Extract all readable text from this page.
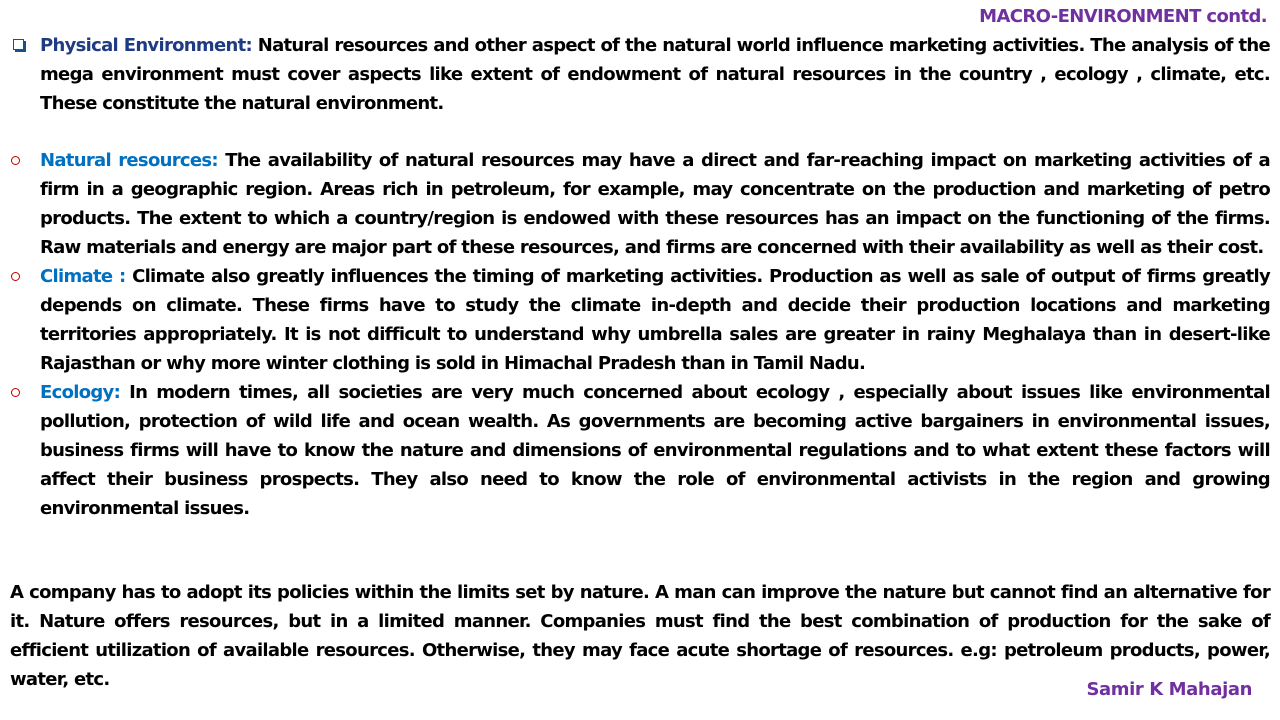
MACRO-ENVIRONMENT contd.
Physical Environment: Natural resources and other aspect of the natural world influence marketing activities. The analysis of the mega environment must cover aspects like extent of endowment of natural resources in the country , ecology , climate, etc. These constitute the natural environment.
Natural resources: The availability of natural resources may have a direct and far-reaching impact on marketing activities of a firm in a geographic region. Areas rich in petroleum, for example, may concentrate on the production and marketing of petro products. The extent to which a country/region is endowed with these resources has an impact on the functioning of the firms. Raw materials and energy are major part of these resources, and firms are concerned with their availability as well as their cost.
Climate : Climate also greatly influences the timing of marketing activities. Production as well as sale of output of firms greatly depends on climate. These firms have to study the climate in-depth and decide their production locations and marketing territories appropriately. It is not difficult to understand why umbrella sales are greater in rainy Meghalaya than in desert-like Rajasthan or why more winter clothing is sold in Himachal Pradesh than in Tamil Nadu.
Ecology: In modern times, all societies are very much concerned about ecology , especially about issues like environmental pollution, protection of wild life and ocean wealth. As governments are becoming active bargainers in environmental issues, business firms will have to know the nature and dimensions of environmental regulations and to what extent these factors will affect their business prospects. They also need to know the role of environmental activists in the region and growing environmental issues.
A company has to adopt its policies within the limits set by nature. A man can improve the nature but cannot find an alternative for it. Nature offers resources, but in a limited manner. Companies must find the best combination of production for the sake of efficient utilization of available resources. Otherwise, they may face acute shortage of resources. e.g: petroleum products, power, water, etc.	Samir K Mahajan
